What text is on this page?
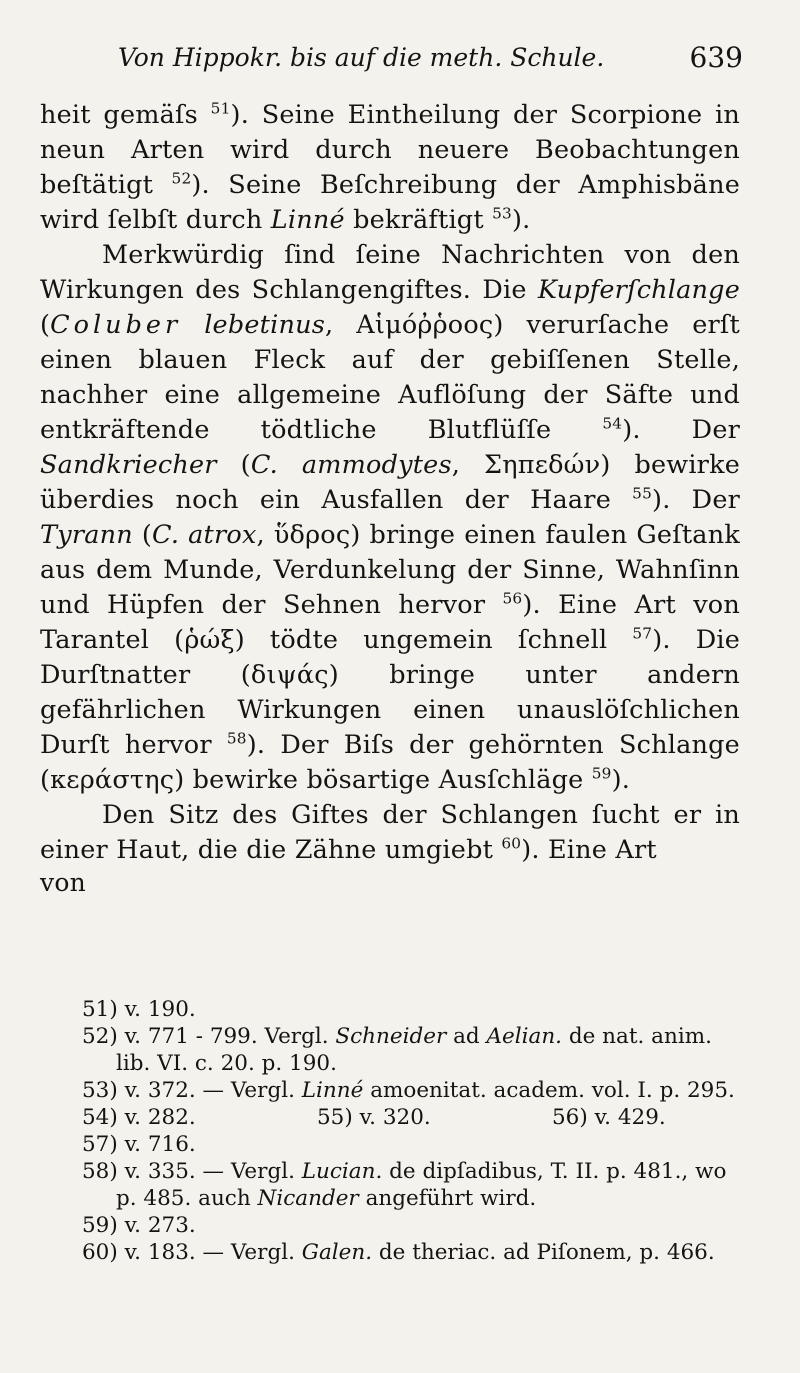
Von Hippokr. bis auf die meth. Schule.	639

heit gemäſs $^{51}$). Seine Eintheilung der Scorpione in neun Arten wird durch neuere Beobachtungen beſtätigt $^{52}$). Seine Beſchreibung der Amphisbäne wird ſelbſt durch Linné bekräftigt $^{53}$).

Merkwürdig ſind ſeine Nachrichten von den Wirkungen des Schlangengiftes. Die Kupferſchlange (Coluber lebetinus, Αἱμόῤῥοος) verurſache erſt einen blauen Fleck auf der gebiſſenen Stelle, nachher eine allgemeine Auflöſung der Säfte und entkräftende tödtliche Blutflüſſe	$^{54}$). Der Sandkriecher (C. ammodytes, Σηπεδών) bewirke überdies noch ein Ausfallen der Haare $^{55}$). Der Tyrann (C. atrox, ὕδρος) bringe einen faulen Geſtank aus dem Munde, Verdunkelung der Sinne, Wahnſinn und Hüpfen der Sehnen hervor $^{56}$). Eine Art von Tarantel (ῥώξ) tödte ungemein ſchnell $^{57}$). Die Durſtnatter (διψάς) bringe unter andern gefährlichen Wirkungen einen unauslöſchlichen Durſt hervor $^{58}$). Der Biſs der gehörnten Schlange (κεράστης) bewirke bösartige Ausſchläge $^{59}$).

Den Sitz des Giftes der Schlangen ſucht er in einer Haut, die die Zähne umgiebt $^{60}$). Eine Art

von

51) v. 190.

52) v. 771 - 799. Vergl. Schneider ad Aelian. de nat. anim. lib. VI. c. 20. p. 190.

53) v. 372. — Vergl. Linné amoenitat. academ. vol. I. p. 295.

54) v. 282.	55) v. 320.	56) v. 429.

57) v. 716.

58) v. 335. — Vergl. Lucian. de dipſadibus, T. II. p. 481., wo p. 485. auch Nicander angeführt wird.

59) v. 273.

60) v. 183. — Vergl. Galen. de theriac. ad Piſonem, p. 466.
